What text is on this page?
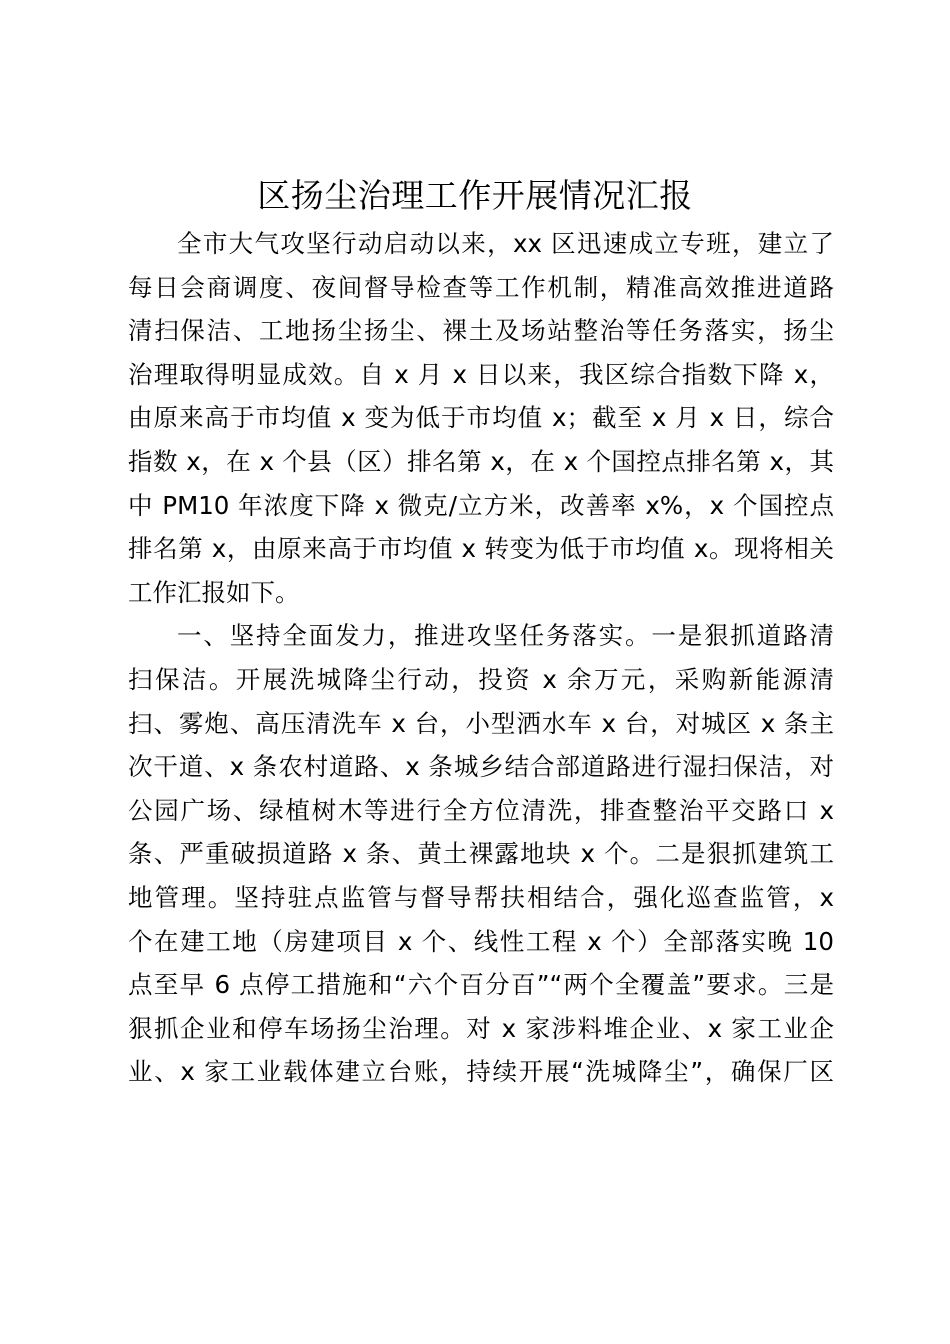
区扬尘治理工作开展情况汇报
全市大气攻坚行动启动以来，xx 区迅速成立专班，建立了
每日会商调度、夜间督导检查等工作机制，精准高效推进道路
清扫保洁、工地扬尘扬尘、裸土及场站整治等任务落实，扬尘
治理取得明显成效。自 x 月 x 日以来，我区综合指数下降 x，
由原来高于市均值 x 变为低于市均值 x；截至 x 月 x 日，综合
指数 x，在 x 个县（区）排名第 x，在 x 个国控点排名第 x，其
中 PM10 年浓度下降 x 微克/立方米，改善率 x%，x 个国控点
排名第 x，由原来高于市均值 x 转变为低于市均值 x。现将相关
工作汇报如下。
一、坚持全面发力，推进攻坚任务落实。一是狠抓道路清
扫保洁。开展洗城降尘行动，投资 x 余万元，采购新能源清
扫、雾炮、高压清洗车 x 台，小型洒水车 x 台，对城区 x 条主
次干道、x 条农村道路、x 条城乡结合部道路进行湿扫保洁，对
公园广场、绿植树木等进行全方位清洗，排查整治平交路口 x
条、严重破损道路 x 条、黄土裸露地块 x 个。二是狠抓建筑工
地管理。坚持驻点监管与督导帮扶相结合，强化巡查监管，x
个在建工地（房建项目 x 个、线性工程 x 个）全部落实晚 10
点至早 6 点停工措施和“六个百分百”“两个全覆盖”要求。三是
狠抓企业和停车场扬尘治理。对 x 家涉料堆企业、x 家工业企
业、x 家工业载体建立台账，持续开展“洗城降尘”，确保厂区
